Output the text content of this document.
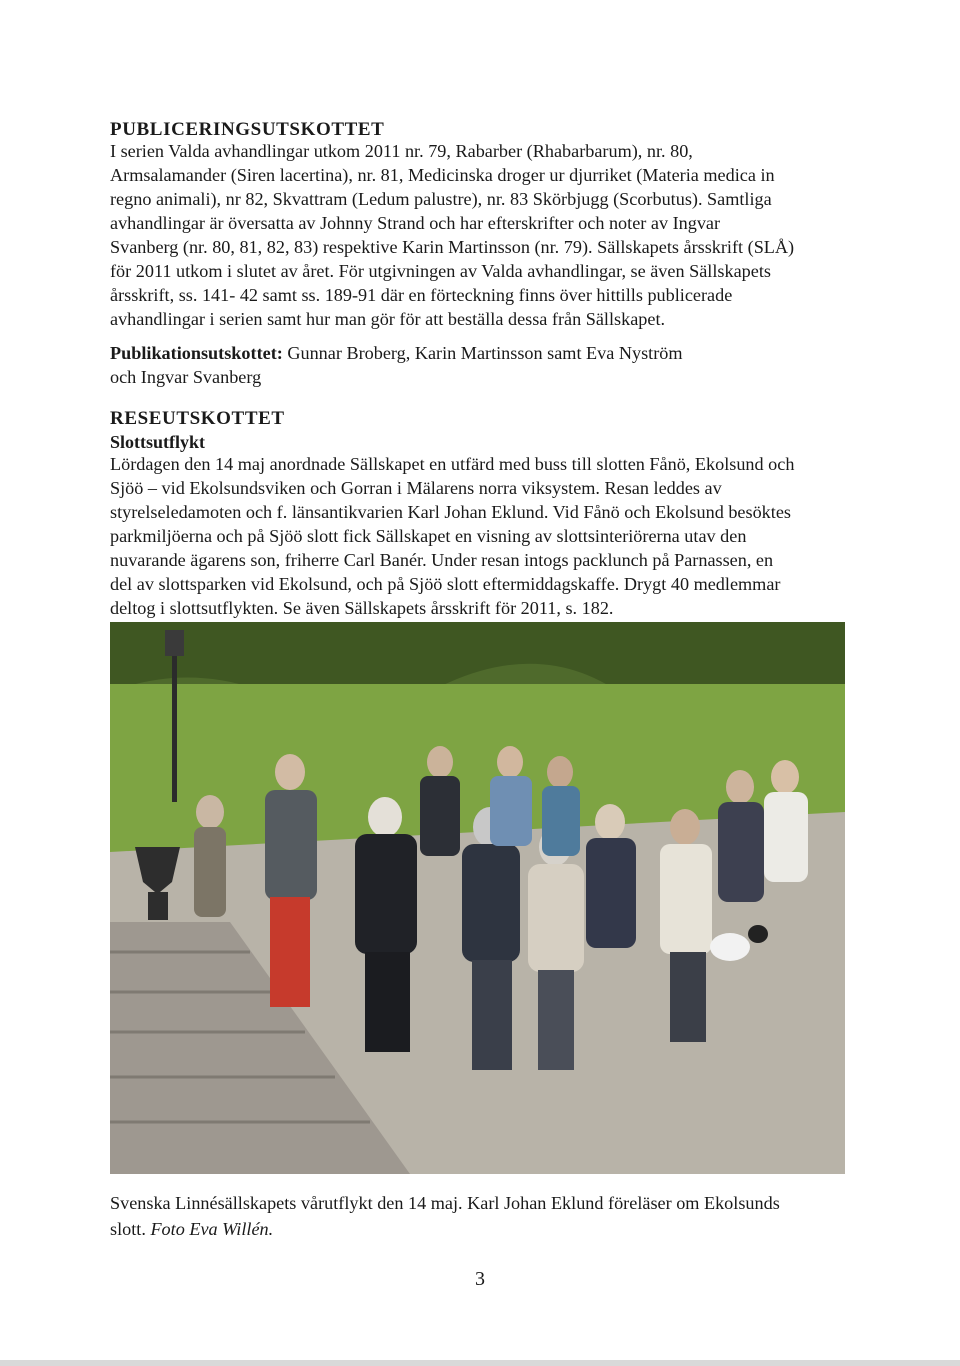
PUBLICERINGSUTSKOTTET

I serien Valda avhandlingar utkom 2011 nr. 79, Rabarber (Rhabarbarum), nr. 80,

Armsalamander (Siren lacertina), nr. 81, Medicinska droger ur djurriket (Materia medica in

regno animali), nr 82, Skvattram (Ledum palustre), nr. 83 Skörbjugg (Scorbutus). Samtliga

avhandlingar är översatta av Johnny Strand och har efterskrifter och noter av Ingvar

Svanberg (nr. 80, 81, 82, 83) respektive Karin Martinsson (nr. 79). Sällskapets årsskrift (SLÅ)

för 2011 utkom i slutet av året. För utgivningen av Valda avhandlingar, se även Sällskapets

årsskrift, ss. 141- 42 samt ss. 189-91 där en förteckning finns över hittills publicerade

avhandlingar i serien samt hur man gör för att beställa dessa från Sällskapet.

Publikationsutskottet: Gunnar Broberg, Karin Martinsson samt Eva Nyström

och Ingvar Svanberg

RESEUTSKOTTET
Slottsutflykt

Lördagen den 14 maj anordnade Sällskapet en utfärd med buss till slotten Fånö, Ekolsund och

Sjöö – vid Ekolsundsviken och Gorran i Mälarens norra viksystem. Resan leddes av

styrelseledamoten och f. länsantikvarien Karl Johan Eklund. Vid Fånö och Ekolsund besöktes

parkmiljöerna och på Sjöö slott fick Sällskapet en visning av slottsinteriörerna utav den

nuvarande ägarens son, friherre Carl Banér. Under resan intogs packlunch på Parnassen, en

del av slottsparken vid Ekolsund, och på Sjöö slott eftermiddagskaffe. Drygt 40 medlemmar

deltog i slottsutflykten. Se även Sällskapets årsskrift för 2011, s. 182.

Svenska Linnésällskapets vårutflykt den 14 maj. Karl Johan Eklund föreläser om Ekolsunds
slott. Foto Eva Willén.
3
